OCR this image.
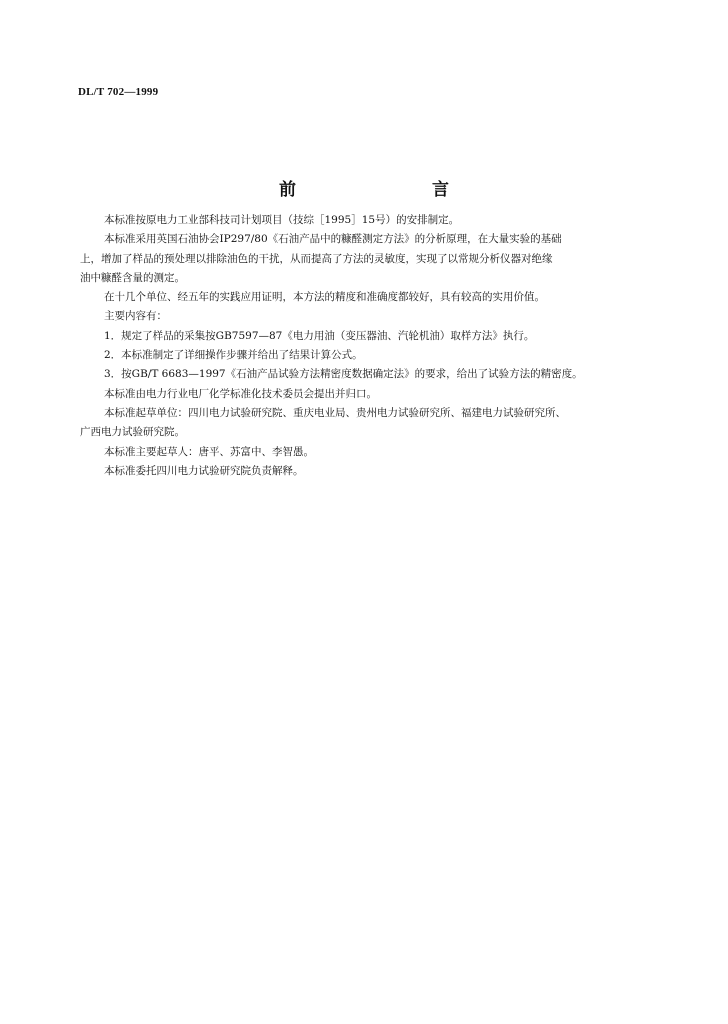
DL/T 702—1999
前　　言

本标准按原电力工业部科技司计划项目（技综［1995］15号）的安排制定。

本标准采用英国石油协会IP297/80《石油产品中的糠醛测定方法》的分析原理，在大量实验的基础

上，增加了样品的预处理以排除油色的干扰，从而提高了方法的灵敏度，实现了以常规分析仪器对绝缘

油中糠醛含量的测定。

在十几个单位、经五年的实践应用证明，本方法的精度和准确度都较好，具有较高的实用价值。

主要内容有：

1．规定了样品的采集按GB7597—87《电力用油（变压器油、汽轮机油）取样方法》执行。

2．本标准制定了详细操作步骤并给出了结果计算公式。

3．按GB/T 6683—1997《石油产品试验方法精密度数据确定法》的要求，给出了试验方法的精密度。

本标准由电力行业电厂化学标准化技术委员会提出并归口。

本标准起草单位：四川电力试验研究院、重庆电业局、贵州电力试验研究所、福建电力试验研究所、

广西电力试验研究院。

本标准主要起草人：唐平、苏富中、李智愚。

本标准委托四川电力试验研究院负责解释。
